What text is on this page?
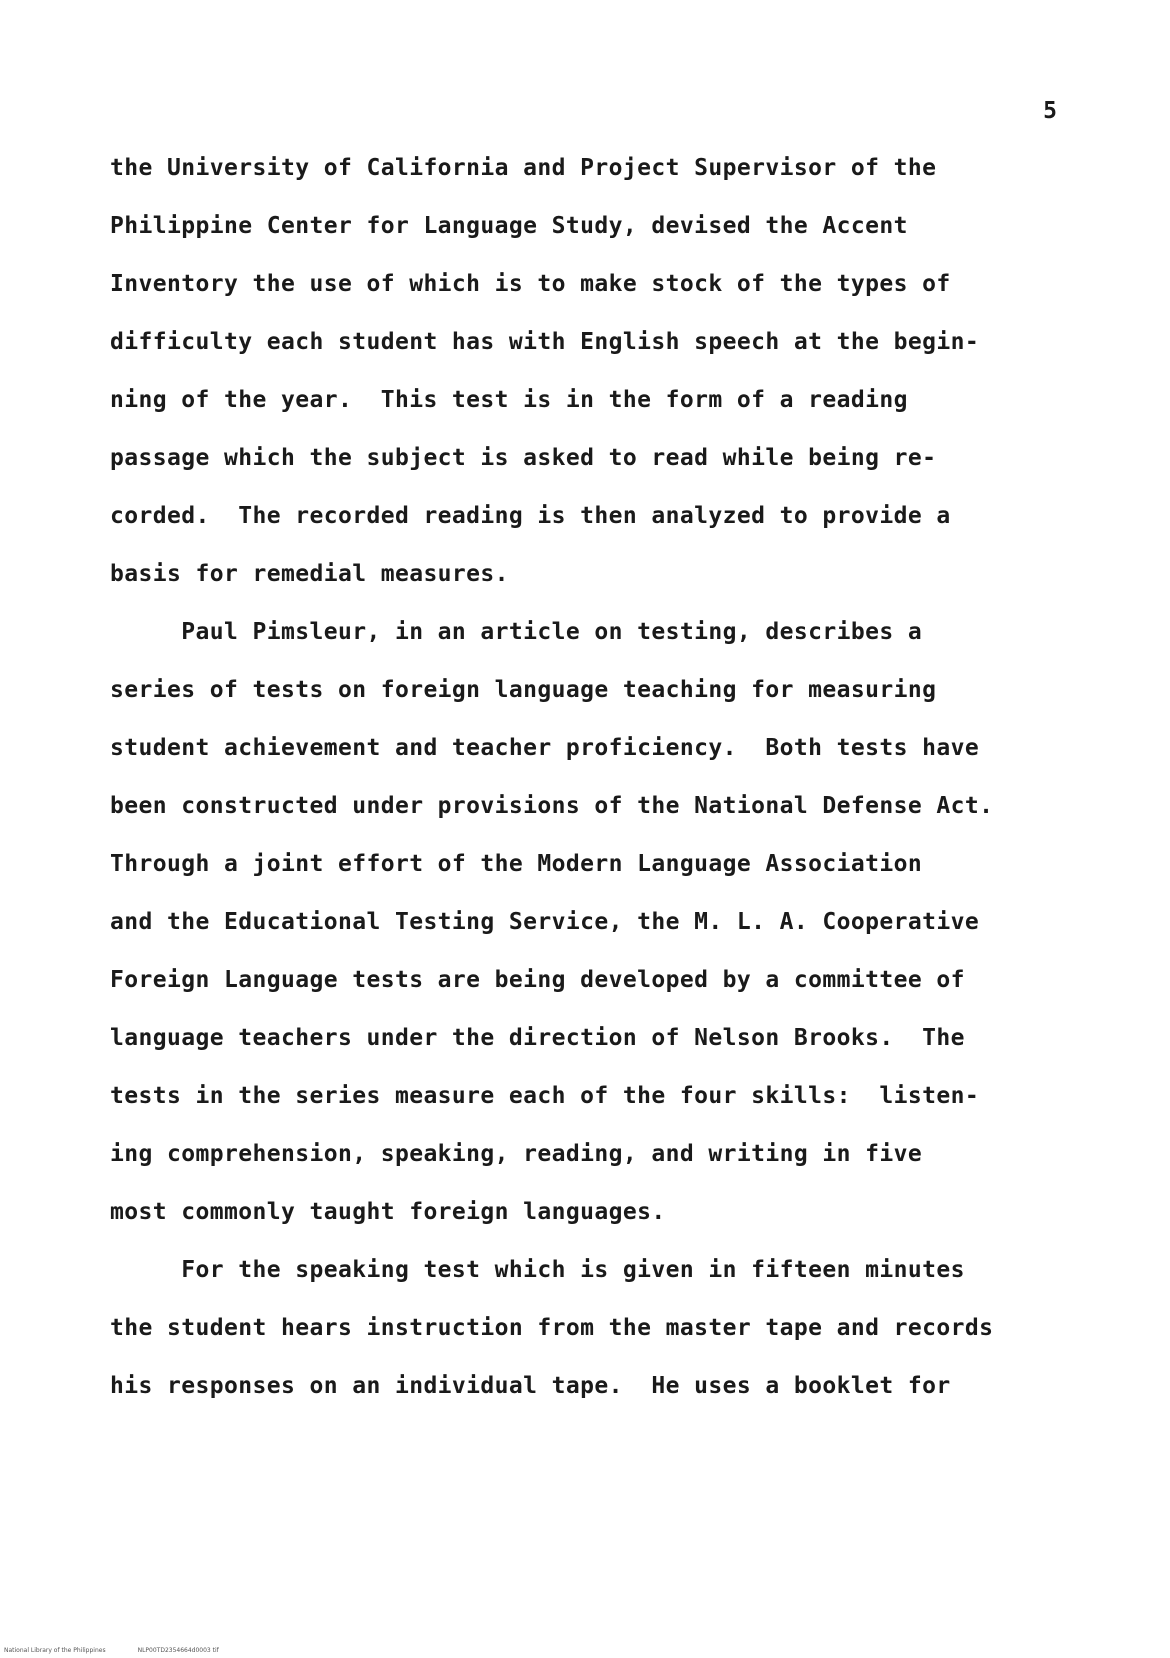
5
the University of California and Project Supervisor of the
Philippine Center for Language Study, devised the Accent
Inventory the use of which is to make stock of the types of
difficulty each student has with English speech at the begin-
ning of the year.  This test is in the form of a reading
passage which the subject is asked to read while being re-
corded.  The recorded reading is then analyzed to provide a
basis for remedial measures.
Paul Pimsleur, in an article on testing, describes a
series of tests on foreign language teaching for measuring
student achievement and teacher proficiency.  Both tests have
been constructed under provisions of the National Defense Act.
Through a joint effort of the Modern Language Association
and the Educational Testing Service, the M. L. A. Cooperative
Foreign Language tests are being developed by a committee of
language teachers under the direction of Nelson Brooks.  The
tests in the series measure each of the four skills:  listen-
ing comprehension, speaking, reading, and writing in five
most commonly taught foreign languages.
For the speaking test which is given in fifteen minutes
the student hears instruction from the master tape and records
his responses on an individual tape.  He uses a booklet for
National Library of the Philippines	NLP00TD2354664d0003 tif
